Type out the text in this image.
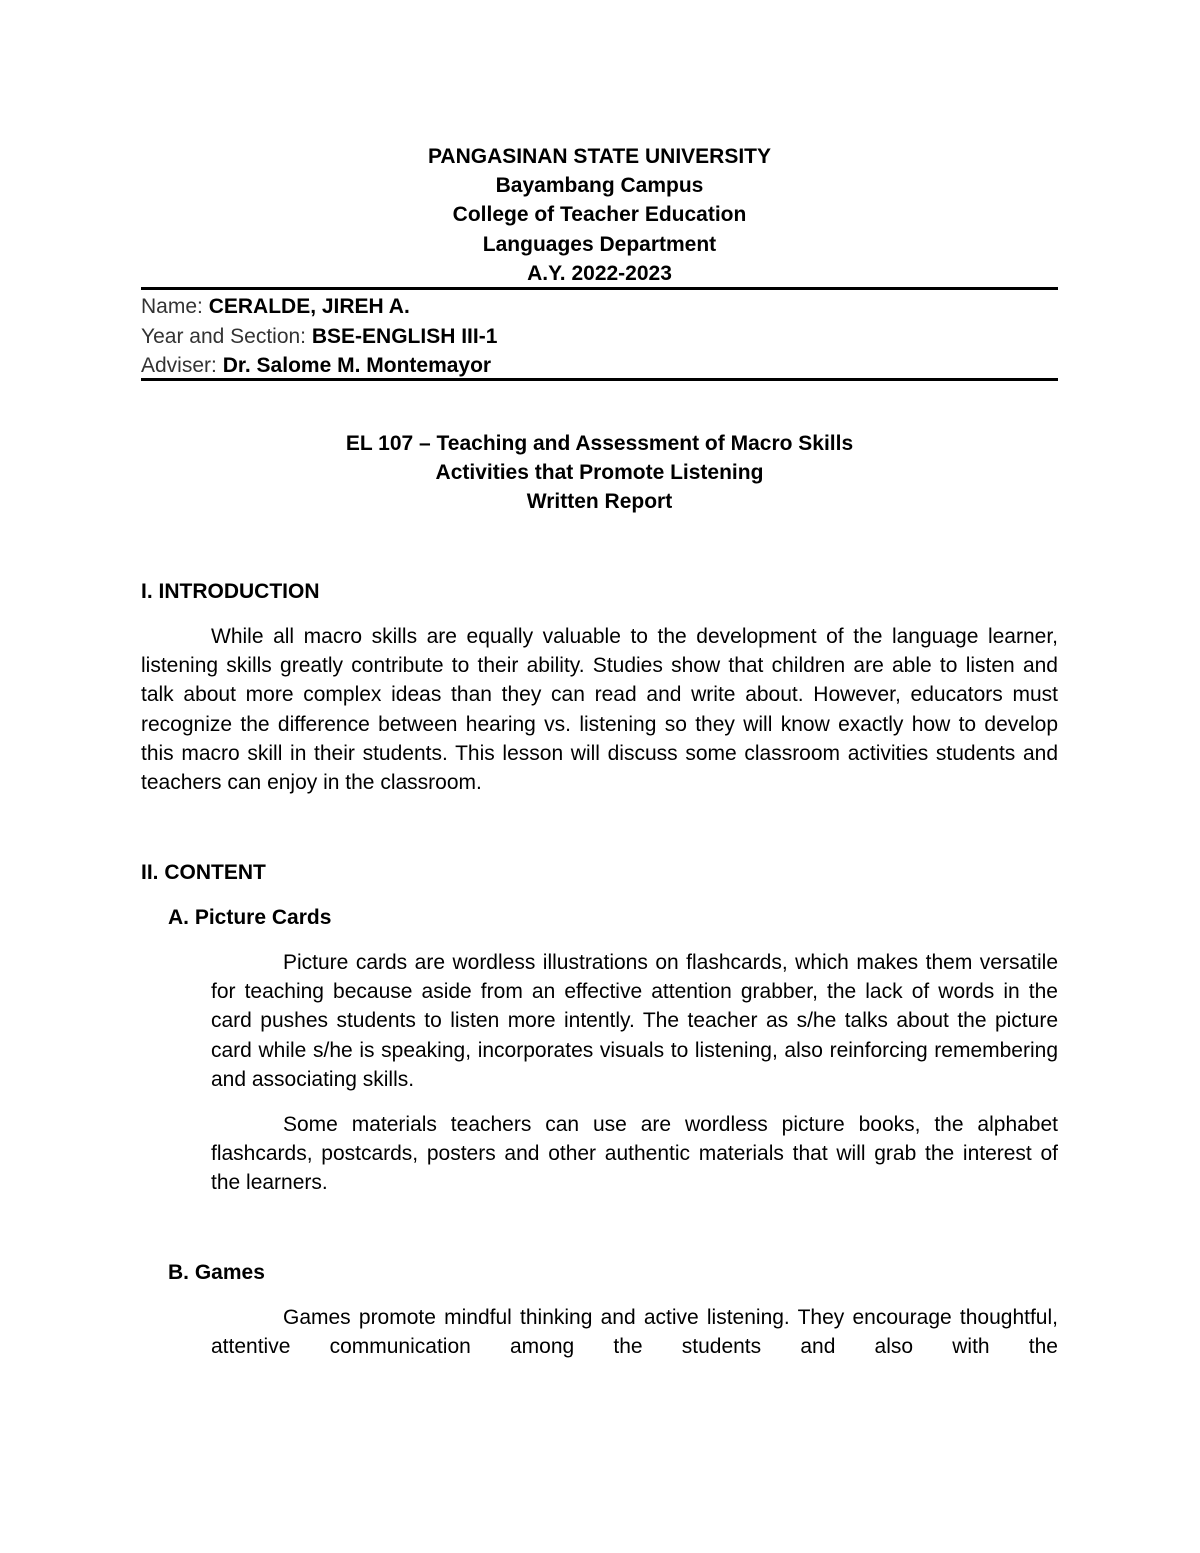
PANGASINAN STATE UNIVERSITY
Bayambang Campus
College of Teacher Education
Languages Department
A.Y. 2022-2023
Name: CERALDE, JIREH A.
Year and Section: BSE-ENGLISH III-1
Adviser: Dr. Salome M. Montemayor
EL 107 – Teaching and Assessment of Macro Skills
Activities that Promote Listening
Written Report
I. INTRODUCTION

While all macro skills are equally valuable to the development of the language learner, listening skills greatly contribute to their ability. Studies show that children are able to listen and talk about more complex ideas than they can read and write about. However, educators must recognize the difference between hearing vs. listening so they will know exactly how to develop this macro skill in their students. This lesson will discuss some classroom activities students and teachers can enjoy in the classroom.

II. CONTENT
A. Picture Cards

Picture cards are wordless illustrations on flashcards, which makes them versatile for teaching because aside from an effective attention grabber, the lack of words in the card pushes students to listen more intently. The teacher as s/he talks about the picture card while s/he is speaking, incorporates visuals to listening, also reinforcing remembering and associating skills.

Some materials teachers can use are wordless picture books, the alphabet flashcards, postcards, posters and other authentic materials that will grab the interest of the learners.

B. Games

Games promote mindful thinking and active listening. They encourage thoughtful, attentive communication among the students and also with the
